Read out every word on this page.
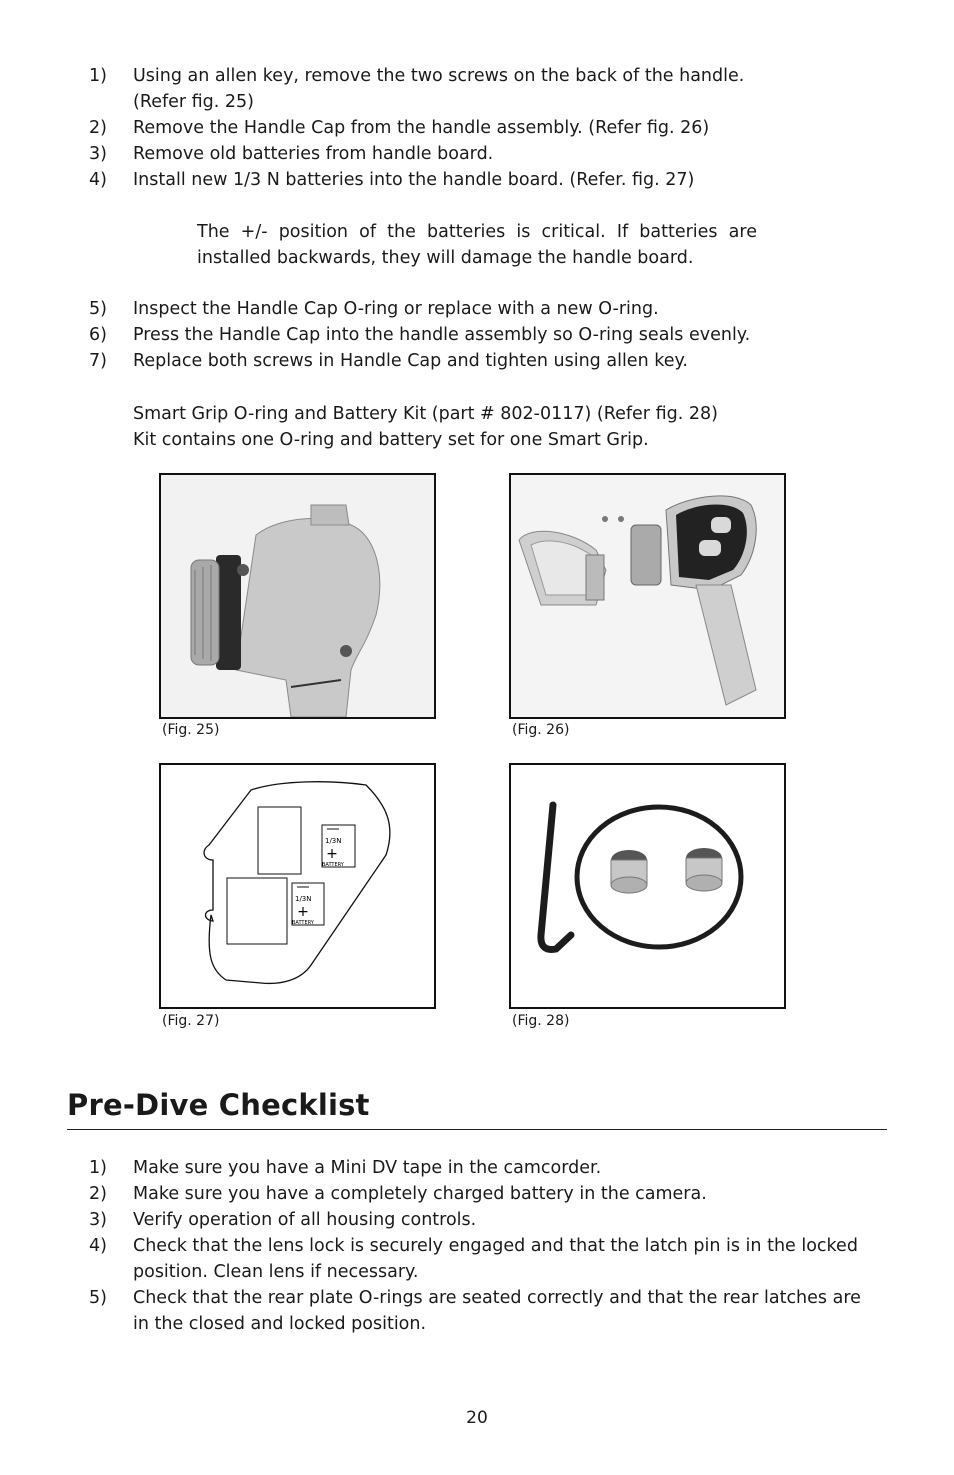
1) Using an allen key, remove the two screws on the back of the handle.
(Refer fig. 25)
2) Remove the Handle Cap from the handle assembly. (Refer fig. 26)
3) Remove old batteries from handle board.
4) Install new 1/3 N batteries into the handle board. (Refer. fig. 27)
The +/- position of the batteries is critical. If batteries are installed backwards, they will damage the handle board.
5) Inspect the Handle Cap O-ring or replace with a new O-ring.
6) Press the Handle Cap into the handle assembly so O-ring seals evenly.
7) Replace both screws in Handle Cap and tighten using allen key.
Smart Grip O-ring and Battery Kit (part # 802-0117) (Refer fig. 28)
Kit contains one O-ring and battery set for one Smart Grip.
(Fig. 25)	(Fig. 26)
1/3N
+
BATTERY
1/3N
+
BATTERY
(Fig. 27)	(Fig. 28)
Pre-Dive Checklist
1) Make sure you have a Mini DV tape in the camcorder.
2) Make sure you have a completely charged battery in the camera.
3) Verify operation of all housing controls.
4) Check that the lens lock is securely engaged and that the latch pin is in the locked
position. Clean lens if necessary.
5) Check that the rear plate O-rings are seated correctly and that the rear latches are
in the closed and locked position.
20
